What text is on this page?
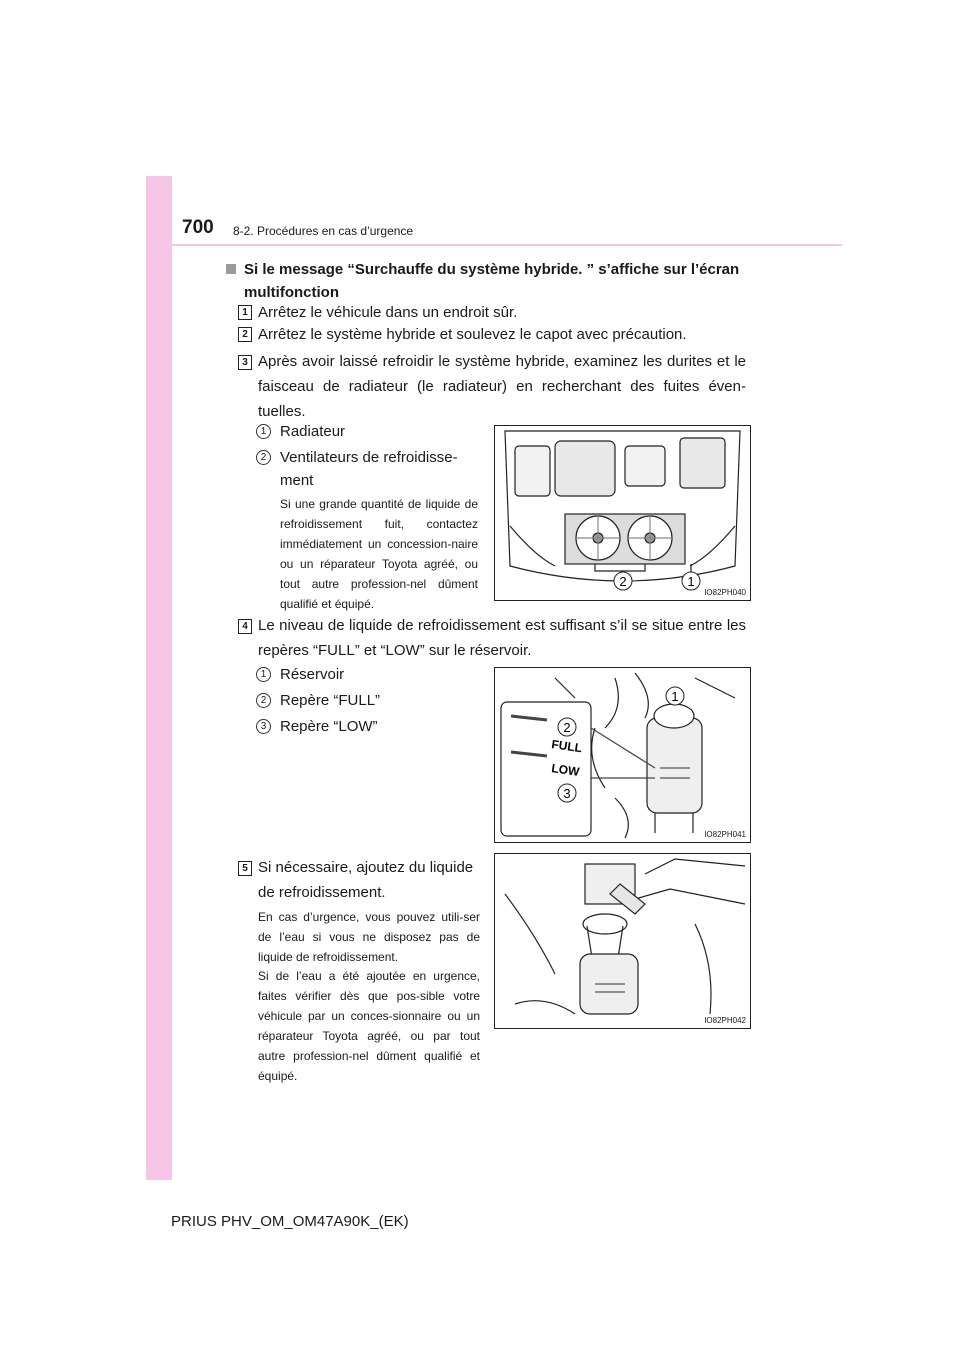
700 8-2. Procédures en cas d’urgence
Si le message “Surchauffe du système hybride. ” s’affiche sur l’écran multifonction
1 Arrêtez le véhicule dans un endroit sûr.
2 Arrêtez le système hybride et soulevez le capot avec précaution.
3 Après avoir laissé refroidir le système hybride, examinez les durites et le faisceau de radiateur (le radiateur) en recherchant des fuites éven-tuelles.
1 Radiateur
2 Ventilateurs de refroidisse-ment
Si une grande quantité de liquide de refroidissement fuit, contactez immédiatement un concession-naire ou un réparateur Toyota agréé, ou tout autre profession-nel dûment qualifié et équipé.
2	1
IO82PH040
4 Le niveau de liquide de refroidissement est suffisant s’il se situe entre les repères “FULL” et “LOW” sur le réservoir.
1 Réservoir
2 Repère “FULL”
3 Repère “LOW”
FULL
LOW
2
3
1
IO82PH041
5 Si nécessaire, ajoutez du liquide de refroidissement.
En cas d’urgence, vous pouvez utili-ser de l’eau si vous ne disposez pas de liquide de refroidissement.
Si de l’eau a été ajoutée en urgence, faites vérifier dès que pos-sible votre véhicule par un conces-sionnaire ou un réparateur Toyota agréé, ou par tout autre profession-nel dûment qualifié et équipé.
IO82PH042
PRIUS PHV_OM_OM47A90K_(EK)
